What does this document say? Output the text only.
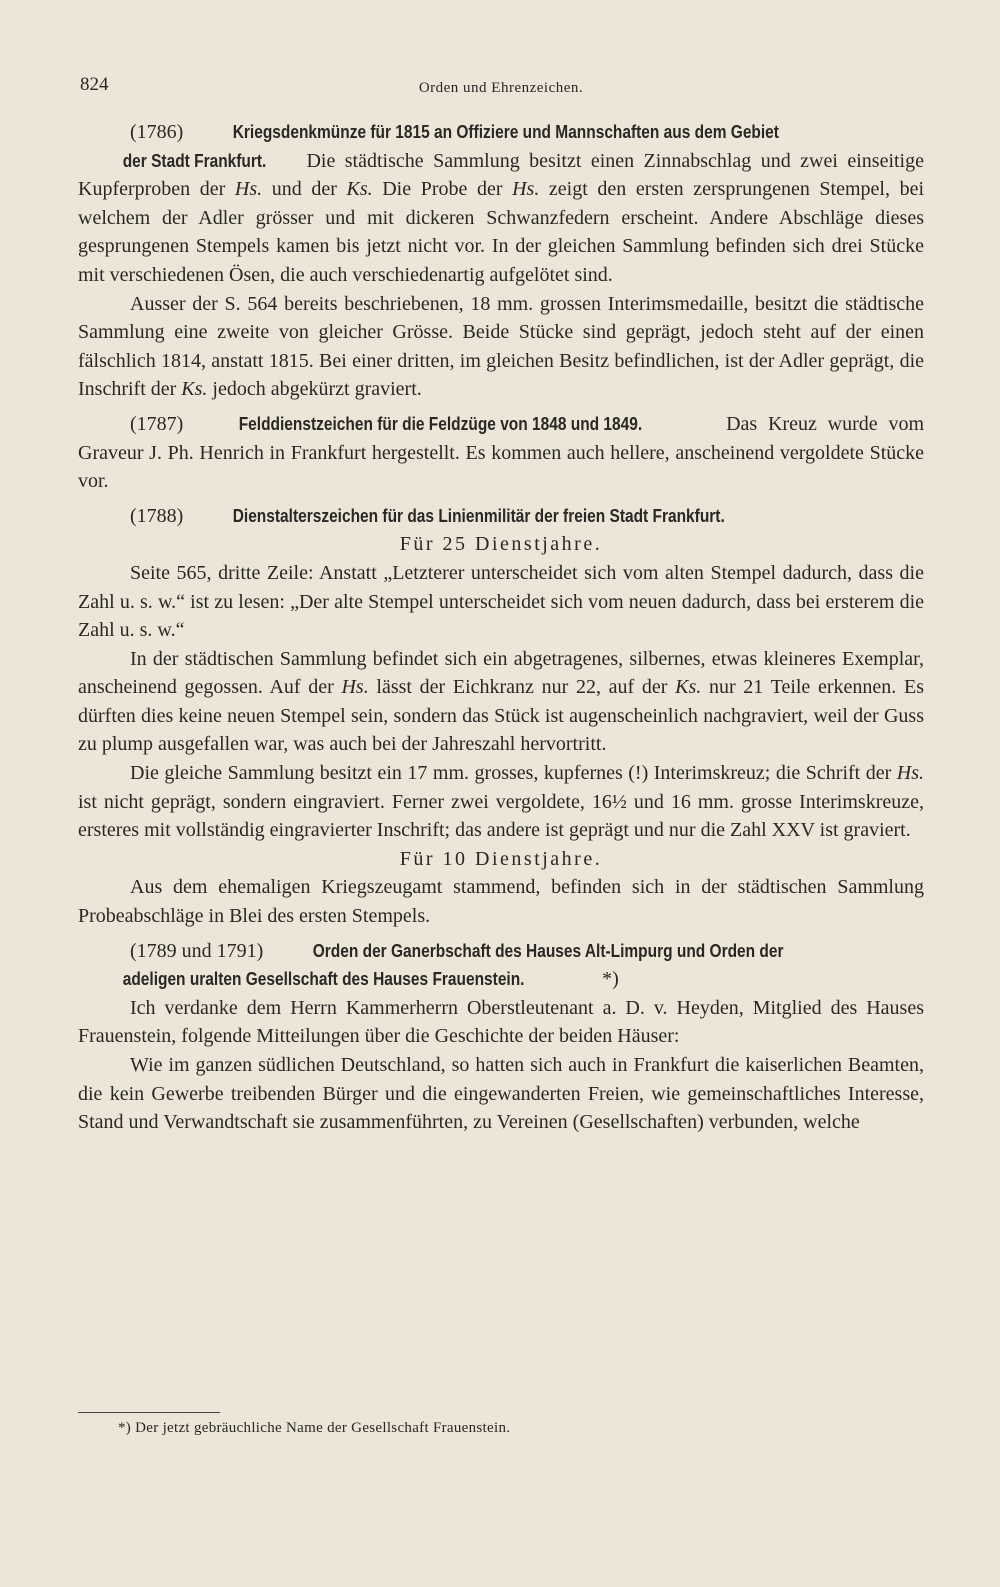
824	Orden und Ehrenzeichen.

(1786)	Kriegsdenkmünze für 1815 an Offiziere und Mannschaften aus dem Gebiet
der Stadt Frankfurt. Die städtische Sammlung besitzt einen Zinnabschlag und zwei einseitige Kupferproben der Hs. und der Ks. Die Probe der Hs. zeigt den ersten zersprungenen Stempel, bei welchem der Adler grösser und mit dickeren Schwanzfedern erscheint. Andere Abschläge dieses gesprungenen Stempels kamen bis jetzt nicht vor. In der gleichen Sammlung befinden sich drei Stücke mit verschiedenen Ösen, die auch verschiedenartig aufgelötet sind.

Ausser der S. 564 bereits beschriebenen, 18 mm. grossen Interimsmedaille, besitzt die städtische Sammlung eine zweite von gleicher Grösse. Beide Stücke sind geprägt, jedoch steht auf der einen fälschlich 1814, anstatt 1815. Bei einer dritten, im gleichen Besitz befindlichen, ist der Adler geprägt, die Inschrift der Ks. jedoch abgekürzt graviert.

(1787)	Felddienstzeichen für die Feldzüge von 1848 und 1849.	Das Kreuz wurde vom Graveur J. Ph. Henrich in Frankfurt hergestellt. Es kommen auch hellere, anscheinend vergoldete Stücke vor.

(1788)	Dienstalterszeichen für das Linienmilitär der freien Stadt Frankfurt.

Für 25 Dienstjahre.

Seite 565, dritte Zeile: Anstatt „Letzterer unterscheidet sich vom alten Stempel dadurch, dass die Zahl u. s. w.“ ist zu lesen: „Der alte Stempel unterscheidet sich vom neuen dadurch, dass bei ersterem die Zahl u. s. w.“

In der städtischen Sammlung befindet sich ein abgetragenes, silbernes, etwas kleineres Exemplar, anscheinend gegossen. Auf der Hs. lässt der Eichkranz nur 22, auf der Ks. nur 21 Teile erkennen. Es dürften dies keine neuen Stempel sein, sondern das Stück ist augenscheinlich nachgraviert, weil der Guss zu plump ausgefallen war, was auch bei der Jahreszahl hervortritt.

Die gleiche Sammlung besitzt ein 17 mm. grosses, kupfernes (!) Interimskreuz; die Schrift der Hs. ist nicht geprägt, sondern eingraviert. Ferner zwei vergoldete, 16½ und 16 mm. grosse Interimskreuze, ersteres mit vollständig eingravierter Inschrift; das andere ist geprägt und nur die Zahl XXV ist graviert.

Für 10 Dienstjahre.

Aus dem ehemaligen Kriegszeugamt stammend, befinden sich in der städtischen Sammlung Probeabschläge in Blei des ersten Stempels.

(1789 und 1791)	Orden der Ganerbschaft des Hauses Alt-Limpurg und Orden der
adeligen uralten Gesellschaft des Hauses Frauenstein.	*)

Ich verdanke dem Herrn Kammerherrn Oberstleutenant a. D. v. Heyden, Mitglied des Hauses Frauenstein, folgende Mitteilungen über die Geschichte der beiden Häuser:

Wie im ganzen südlichen Deutschland, so hatten sich auch in Frankfurt die kaiserlichen Beamten, die kein Gewerbe treibenden Bürger und die eingewanderten Freien, wie gemeinschaftliches Interesse, Stand und Verwandtschaft sie zusammenführten, zu Vereinen (Gesellschaften) verbunden, welche

*) Der jetzt gebräuchliche Name der Gesellschaft Frauenstein.
